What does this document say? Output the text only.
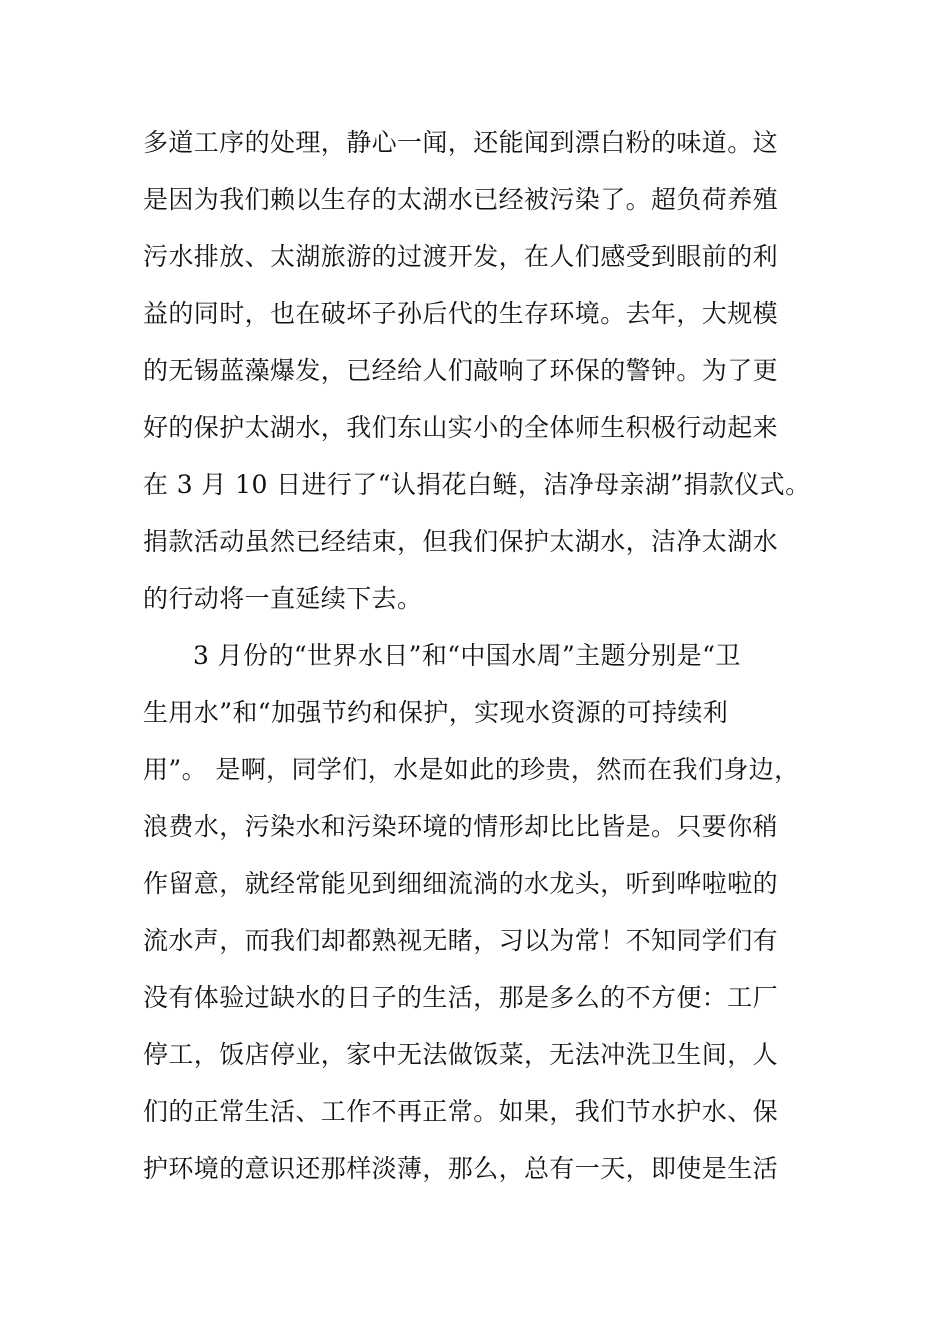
多道工序的处理，静心一闻，还能闻到漂白粉的味道。这
是因为我们赖以生存的太湖水已经被污染了。超负荷养殖
污水排放、太湖旅游的过渡开发，在人们感受到眼前的利
益的同时，也在破坏子孙后代的生存环境。去年，大规模
的无锡蓝藻爆发，已经给人们敲响了环保的警钟。为了更
好的保护太湖水，我们东山实小的全体师生积极行动起来
在 3 月 10 日进行了“认捐花白鲢，洁净母亲湖”捐款仪式。
捐款活动虽然已经结束，但我们保护太湖水，洁净太湖水
的行动将一直延续下去。
3 月份的“世界水日”和“中国水周”主题分别是“卫
生用水”和“加强节约和保护，实现水资源的可持续利
用”。 是啊，同学们，水是如此的珍贵，然而在我们身边，
浪费水，污染水和污染环境的情形却比比皆是。只要你稍
作留意，就经常能见到细细流淌的水龙头，听到哗啦啦的
流水声，而我们却都熟视无睹，习以为常！不知同学们有
没有体验过缺水的日子的生活，那是多么的不方便：工厂
停工，饭店停业，家中无法做饭菜，无法冲洗卫生间，人
们的正常生活、工作不再正常。如果，我们节水护水、保
护环境的意识还那样淡薄，那么，总有一天，即使是生活
